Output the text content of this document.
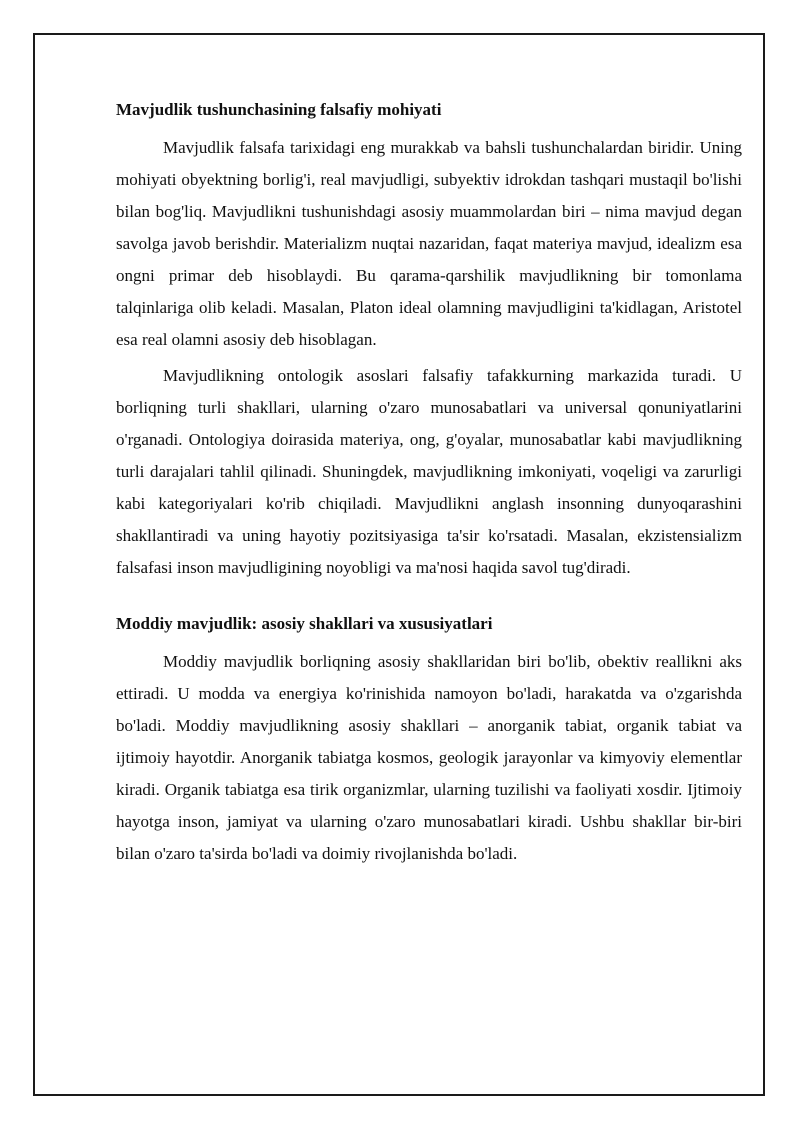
Mavjudlik tushunchasining falsafiy mohiyati

Mavjudlik falsafa tarixidagi eng murakkab va bahsli tushunchalardan biridir. Uning mohiyati obyektning borlig'i, real mavjudligi, subyektiv idrokdan tashqari mustaqil bo'lishi bilan bog'liq. Mavjudlikni tushunishdagi asosiy muammolardan biri – nima mavjud degan savolga javob berishdir. Materializm nuqtai nazaridan, faqat materiya mavjud, idealizm esa ongni primar deb hisoblaydi. Bu qarama-qarshilik mavjudlikning bir tomonlama talqinlariga olib keladi. Masalan, Platon ideal olamning mavjudligini ta'kidlagan, Aristotel esa real olamni asosiy deb hisoblagan.

Mavjudlikning ontologik asoslari falsafiy tafakkurning markazida turadi. U borliqning turli shakllari, ularning o'zaro munosabatlari va universal qonuniyatlarini o'rganadi. Ontologiya doirasida materiya, ong, g'oyalar, munosabatlar kabi mavjudlikning turli darajalari tahlil qilinadi. Shuningdek, mavjudlikning imkoniyati, voqeligi va zarurligi kabi kategoriyalari ko'rib chiqiladi. Mavjudlikni anglash insonning dunyoqarashini shakllantiradi va uning hayotiy pozitsiyasiga ta'sir ko'rsatadi. Masalan, ekzistensializm falsafasi inson mavjudligining noyobligi va ma'nosi haqida savol tug'diradi.

Moddiy mavjudlik: asosiy shakllari va xususiyatlari

Moddiy mavjudlik borliqning asosiy shakllaridan biri bo'lib, obektiv reallikni aks ettiradi. U modda va energiya ko'rinishida namoyon bo'ladi, harakatda va o'zgarishda bo'ladi. Moddiy mavjudlikning asosiy shakllari – anorganik tabiat, organik tabiat va ijtimoiy hayotdir. Anorganik tabiatga kosmos, geologik jarayonlar va kimyoviy elementlar kiradi. Organik tabiatga esa tirik organizmlar, ularning tuzilishi va faoliyati xosdir. Ijtimoiy hayotga inson, jamiyat va ularning o'zaro munosabatlari kiradi. Ushbu shakllar bir-biri bilan o'zaro ta'sirda bo'ladi va doimiy rivojlanishda bo'ladi.
